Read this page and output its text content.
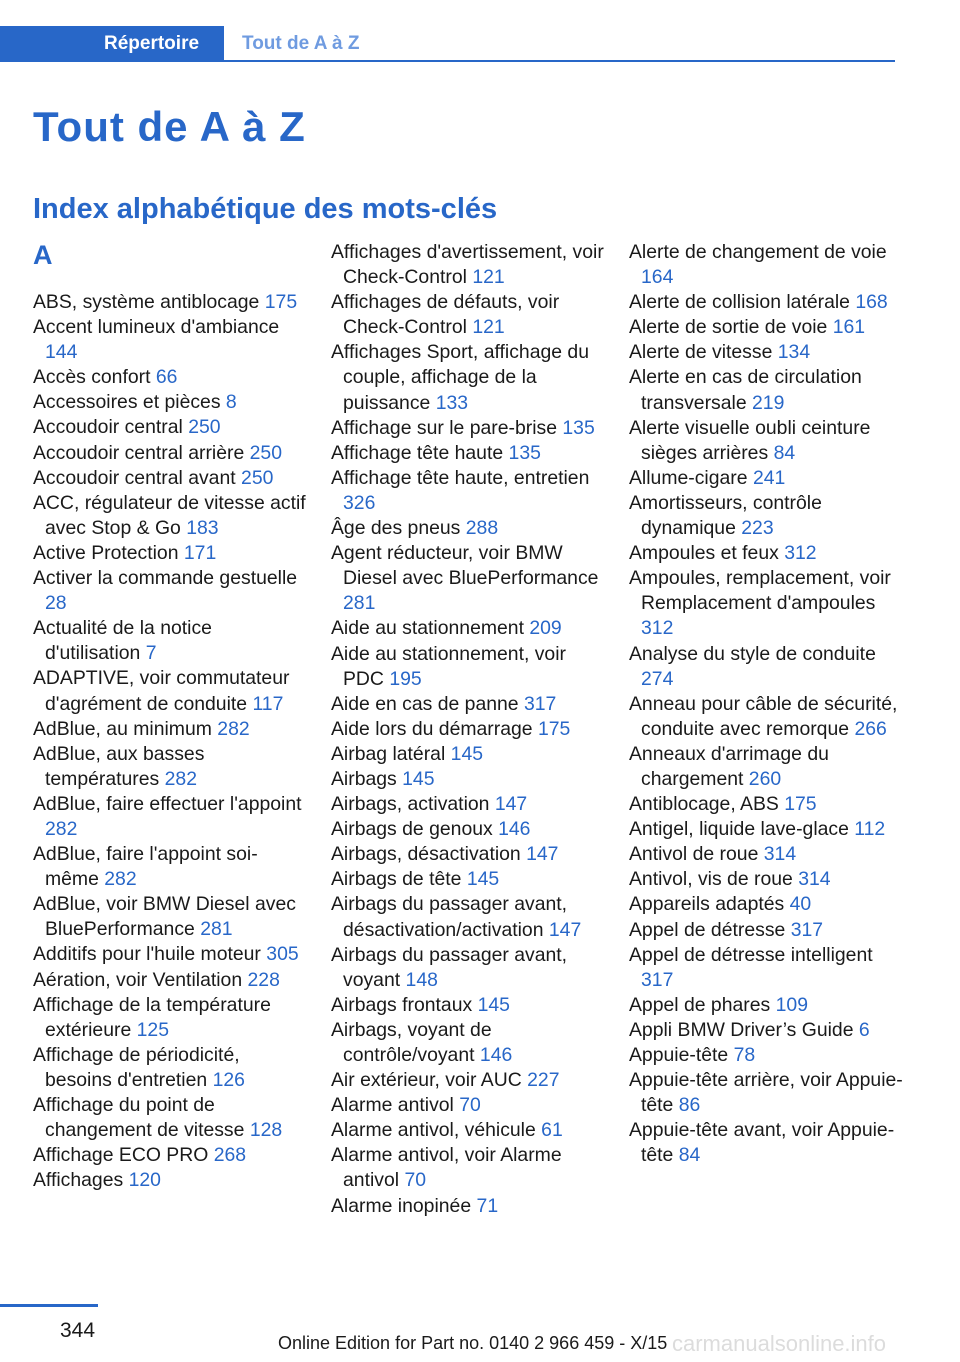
Répertoire	Tout de A à Z
Tout de A à Z
Index alphabétique des mots-clés
A
ABS, système antiblocage 175
Accent lumineux d'ambiance 144
Accès confort 66
Accessoires et pièces 8
Accoudoir central 250
Accoudoir central arrière 250
Accoudoir central avant 250
ACC, régulateur de vitesse actif avec Stop & Go 183
Active Protection 171
Activer la commande gestuelle 28
Actualité de la notice d'utilisation 7
ADAPTIVE, voir commutateur d'agrément de conduite 117
AdBlue, au minimum 282
AdBlue, aux basses températures 282
AdBlue, faire effectuer l'appoint 282
AdBlue, faire l'appoint soi-même 282
AdBlue, voir BMW Diesel avec BluePerformance 281
Additifs pour l'huile moteur 305
Aération, voir Ventilation 228
Affichage de la température extérieure 125
Affichage de périodicité, besoins d'entretien 126
Affichage du point de changement de vitesse 128
Affichage ECO PRO 268
Affichages 120
Affichages d'avertissement, voir Check-Control 121
Affichages de défauts, voir Check-Control 121
Affichages Sport, affichage du couple, affichage de la puissance 133
Affichage sur le pare-brise 135
Affichage tête haute 135
Affichage tête haute, entretien 326
Âge des pneus 288
Agent réducteur, voir BMW Diesel avec BluePerformance 281
Aide au stationnement 209
Aide au stationnement, voir PDC 195
Aide en cas de panne 317
Aide lors du démarrage 175
Airbag latéral 145
Airbags 145
Airbags, activation 147
Airbags de genoux 146
Airbags, désactivation 147
Airbags de tête 145
Airbags du passager avant, désactivation/activation 147
Airbags du passager avant, voyant 148
Airbags frontaux 145
Airbags, voyant de contrôle/voyant 146
Air extérieur, voir AUC 227
Alarme antivol 70
Alarme antivol, véhicule 61
Alarme antivol, voir Alarme antivol 70
Alarme inopinée 71
Alerte de changement de voie 164
Alerte de collision latérale 168
Alerte de sortie de voie 161
Alerte de vitesse 134
Alerte en cas de circulation transversale 219
Alerte visuelle oubli ceinture sièges arrières 84
Allume-cigare 241
Amortisseurs, contrôle dynamique 223
Ampoules et feux 312
Ampoules, remplacement, voir Remplacement d'ampoules 312
Analyse du style de conduite 274
Anneau pour câble de sécurité, conduite avec remorque 266
Anneaux d'arrimage du chargement 260
Antiblocage, ABS 175
Antigel, liquide lave-glace 112
Antivol de roue 314
Antivol, vis de roue 314
Appareils adaptés 40
Appel de détresse 317
Appel de détresse intelligent 317
Appel de phares 109
Appli BMW Driver’s Guide 6
Appuie-tête 78
Appuie-tête arrière, voir Appuie-tête 86
Appuie-tête avant, voir Appuie-tête 84
344
Online Edition for Part no. 0140 2 966 459 - X/15 carmanualsonline.info
